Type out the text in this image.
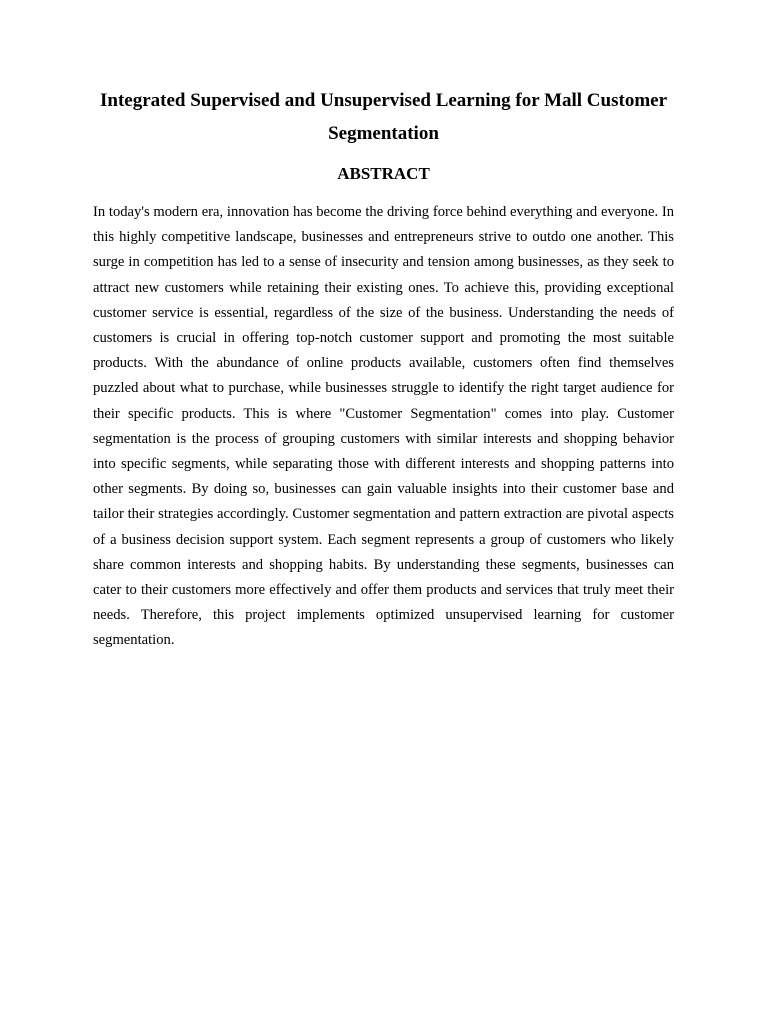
Integrated Supervised and Unsupervised Learning for Mall Customer Segmentation
ABSTRACT

In today's modern era, innovation has become the driving force behind everything and everyone. In this highly competitive landscape, businesses and entrepreneurs strive to outdo one another. This surge in competition has led to a sense of insecurity and tension among businesses, as they seek to attract new customers while retaining their existing ones. To achieve this, providing exceptional customer service is essential, regardless of the size of the business. Understanding the needs of customers is crucial in offering top-notch customer support and promoting the most suitable products. With the abundance of online products available, customers often find themselves puzzled about what to purchase, while businesses struggle to identify the right target audience for their specific products. This is where "Customer Segmentation" comes into play. Customer segmentation is the process of grouping customers with similar interests and shopping behavior into specific segments, while separating those with different interests and shopping patterns into other segments. By doing so, businesses can gain valuable insights into their customer base and tailor their strategies accordingly. Customer segmentation and pattern extraction are pivotal aspects of a business decision support system. Each segment represents a group of customers who likely share common interests and shopping habits. By understanding these segments, businesses can cater to their customers more effectively and offer them products and services that truly meet their needs. Therefore, this project implements optimized unsupervised learning for customer segmentation.
